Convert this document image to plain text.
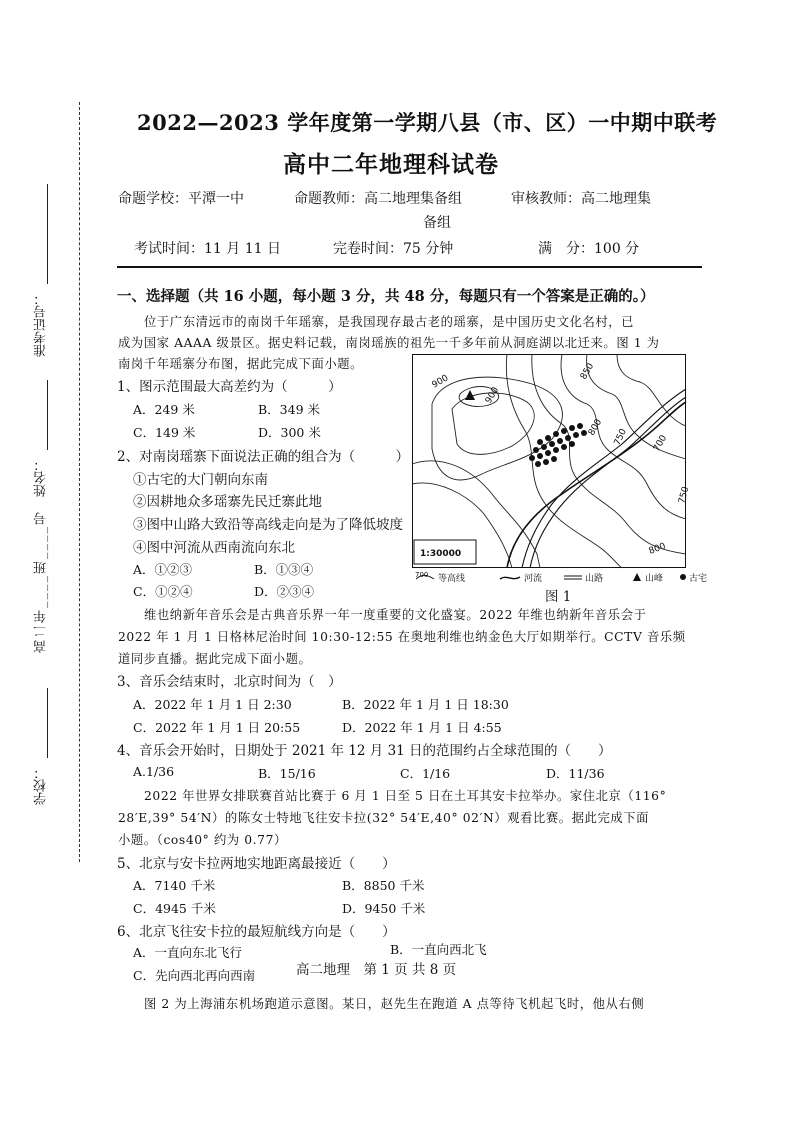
准考证号：
姓名：
高二年____班____号
学校：
2022—2023 学年度第一学期八县（市、区）一中期中联考
高中二年地理科试卷
命题学校：平潭一中	命题教师：高二地理集备组	审核教师：高二地理集
备组
考试时间：11 月 11 日	完卷时间：75 分钟	满　分：100 分
一、选择题（共 16 小题，每小题 3 分，共 48 分，每题只有一个答案是正确的。）
位于广东清远市的南岗千年瑶寨，是我国现存最古老的瑶寨，是中国历史文化名村，已
成为国家 AAAA 级景区。据史料记载，南岗瑶族的祖先一千多年前从洞庭湖以北迁来。图 1 为
南岗千年瑶寨分布图，据此完成下面小题。
1、图示范围最大高差约为（　　　）
A．249 米	B．349 米
C．149 米	D．300 米
2、对南岗瑶寨下面说法正确的组合为（　　　）
①古宅的大门朝向东南
②因耕地众多瑶寨先民迁寨此地
③图中山路大致沿等高线走向是为了降低坡度
④图中河流从西南流向东北
A．①②③	B．①③④
C．①②④	D．②③④
900
850
800 750	700
750
800
900
1:30000
700 等高线	河流	山路	山峰	古宅
图 1
维也纳新年音乐会是古典音乐界一年一度重要的文化盛宴。2022 年维也纳新年音乐会于
2022 年 1 月 1 日格林尼治时间 10:30-12:55 在奥地利维也纳金色大厅如期举行。CCTV 音乐频
道同步直播。据此完成下面小题。
3、音乐会结束时，北京时间为（　）
A．2022 年 1 月 1 日 2:30	B．2022 年 1 月 1 日 18:30
C．2022 年 1 月 1 日 20:55	D．2022 年 1 月 1 日 4:55
4、音乐会开始时，日期处于 2021 年 12 月 31 日的范围约占全球范围的（　　）
A.1/36	B．15/16	C．1/16	D．11/36
2022 年世界女排联赛首站比赛于 6 月 1 日至 5 日在土耳其安卡拉举办。家住北京（116°
28′E,39° 54′N）的陈女士特地飞往安卡拉(32° 54′E,40° 02′N）观看比赛。据此完成下面
小题。（cos40° 约为 0.77）
5、北京与安卡拉两地实地距离最接近（　　）
A．7140 千米	B．8850 千米
C．4945 千米	D．9450 千米
6、北京飞往安卡拉的最短航线方向是（　　）
A．一直向东北飞行	B．一直向西北飞
C．先向西北再向西南	高二地理　第 1 页 共 8 页
图 2 为上海浦东机场跑道示意图。某日，赵先生在跑道 A 点等待飞机起飞时，他从右侧
